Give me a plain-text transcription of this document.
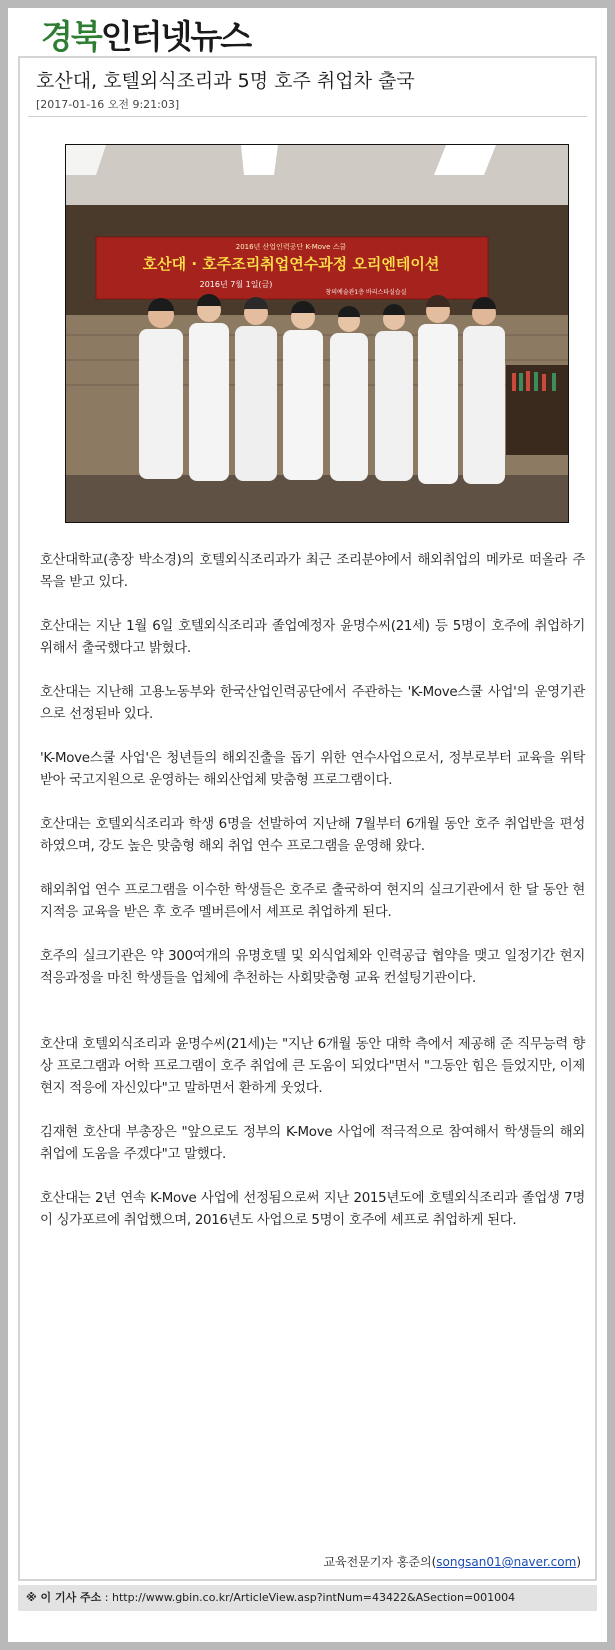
경북인터넷뉴스
호산대, 호텔외식조리과 5명 호주 취업차 출국
[2017-01-16 오전 9:21:03]
2016년 산업인력공단 K-Move 스쿨
호산대 · 호주조리취업연수과정 오리엔테이션
2016년 7월 1일(금)
창의예술관1층 바리스타실습실

호산대학교(총장 박소경)의 호텔외식조리과가 최근 조리분야에서 해외취업의 메카로 떠올라 주목을 받고 있다.

호산대는 지난 1월 6일 호텔외식조리과 졸업예정자 윤명수씨(21세) 등 5명이 호주에 취업하기 위해서 출국했다고 밝혔다.

호산대는 지난해 고용노동부와 한국산업인력공단에서 주관하는 'K-Move스쿨 사업'의 운영기관으로 선정된바 있다.

'K-Move스쿨 사업'은 청년들의 해외진출을 돕기 위한 연수사업으로서, 정부로부터 교육을 위탁받아 국고지원으로 운영하는 해외산업체 맞춤형 프로그램이다.

호산대는 호텔외식조리과 학생 6명을 선발하여 지난해 7월부터 6개월 동안 호주 취업반을 편성하였으며, 강도 높은 맞춤형 해외 취업 연수 프로그램을 운영해 왔다.

해외취업 연수 프로그램을 이수한 학생들은 호주로 출국하여 현지의 실크기관에서 한 달 동안 현지적응 교육을 받은 후 호주 멜버른에서 셰프로 취업하게 된다.

호주의 실크기관은 약 300여개의 유명호텔 및 외식업체와 인력공급 협약을 맺고 일정기간 현지 적응과정을 마친 학생들을 업체에 추천하는 사회맞춤형 교육 컨설팅기관이다.

호산대 호텔외식조리과 윤명수씨(21세)는 "지난 6개월 동안 대학 측에서 제공해 준 직무능력 향상 프로그램과 어학 프로그램이 호주 취업에 큰 도움이 되었다"면서 "그동안 힘은 들었지만, 이제 현지 적응에 자신있다"고 말하면서 환하게 웃었다.

김재현 호산대 부총장은 "앞으로도 정부의 K-Move 사업에 적극적으로 참여해서 학생들의 해외취업에 도움을 주겠다"고 말했다.

호산대는 2년 연속 K-Move 사업에 선정됨으로써 지난 2015년도에 호텔외식조리과 졸업생 7명이 싱가포르에 취업했으며, 2016년도 사업으로 5명이 호주에 셰프로 취업하게 된다.

교육전문기자 홍준의(songsan01@naver.com)
※ 이 기사 주소 : http://www.gbin.co.kr/ArticleView.asp?intNum=43422&ASection=001004
